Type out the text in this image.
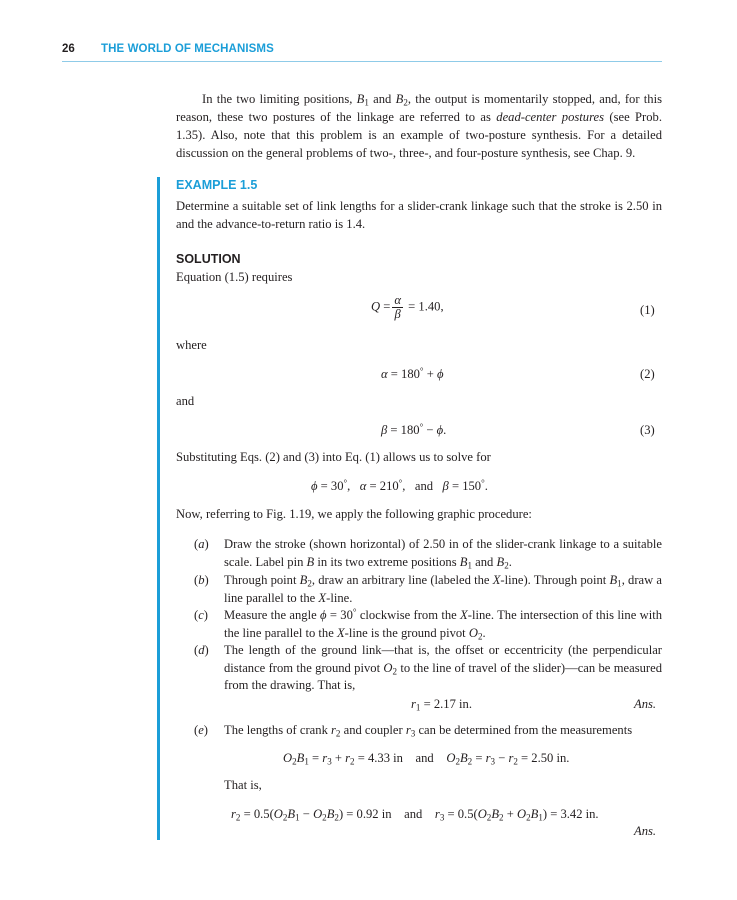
26 THE WORLD OF MECHANISMS

In the two limiting positions, $B_1$ and $B_2$, the output is momentarily stopped, and, for this reason, these two postures of the linkage are referred to as dead-center postures (see Prob. 1.35). Also, note that this problem is an example of two-posture synthesis. For a detailed discussion on the general problems of two-, three-, and four-posture synthesis, see Chap. 9.

EXAMPLE 1.5

Determine a suitable set of link lengths for a slider-crank linkage such that the stroke is 2.50 in and the advance-to-return ratio is 1.4.

SOLUTION
Equation (1.5) requires
$Q = \frac{\alpha}{\beta} = 1.40$,	(1)
where
α = 180° + ϕ	(2)
and
β = 180° − ϕ.	(3)
Substituting Eqs. (2) and (3) into Eq. (1) allows us to solve for
ϕ = 30°,   α = 210°,   and β = 150°.
Now, referring to Fig. 1.19, we apply the following graphic procedure:
(a) Draw the stroke (shown horizontal) of 2.50 in of the slider-crank linkage to a suitable scale. Label pin B in its two extreme positions $B_1$ and $B_2$.
(b) Through point $B_2$, draw an arbitrary line (labeled the X-line). Through point $B_1$, draw a line parallel to the X-line.
(c) Measure the angle ϕ = 30° clockwise from the X-line. The intersection of this line with the line parallel to the X-line is the ground pivot $O_2$.
(d) The length of the ground link—that is, the offset or eccentricity (the perpendicular distance from the ground pivot $O_2$ to the line of travel of the slider)—can be measured from the drawing. That is,
$r_1 = 2.17$ in.	Ans.
(e) The lengths of crank $r_2$ and coupler $r_3$ can be determined from the measurements
$O_2B_1 = r_3 + r_2 = 4.33$ in and $O_2B_2 = r_3 - r_2 = 2.50$ in.
That is,
$r_2 = 0.5(O_2B_1 - O_2B_2) = 0.92$ in and $r_3 = 0.5(O_2B_2 + O_2B_1) = 3.42$ in.
Ans.
